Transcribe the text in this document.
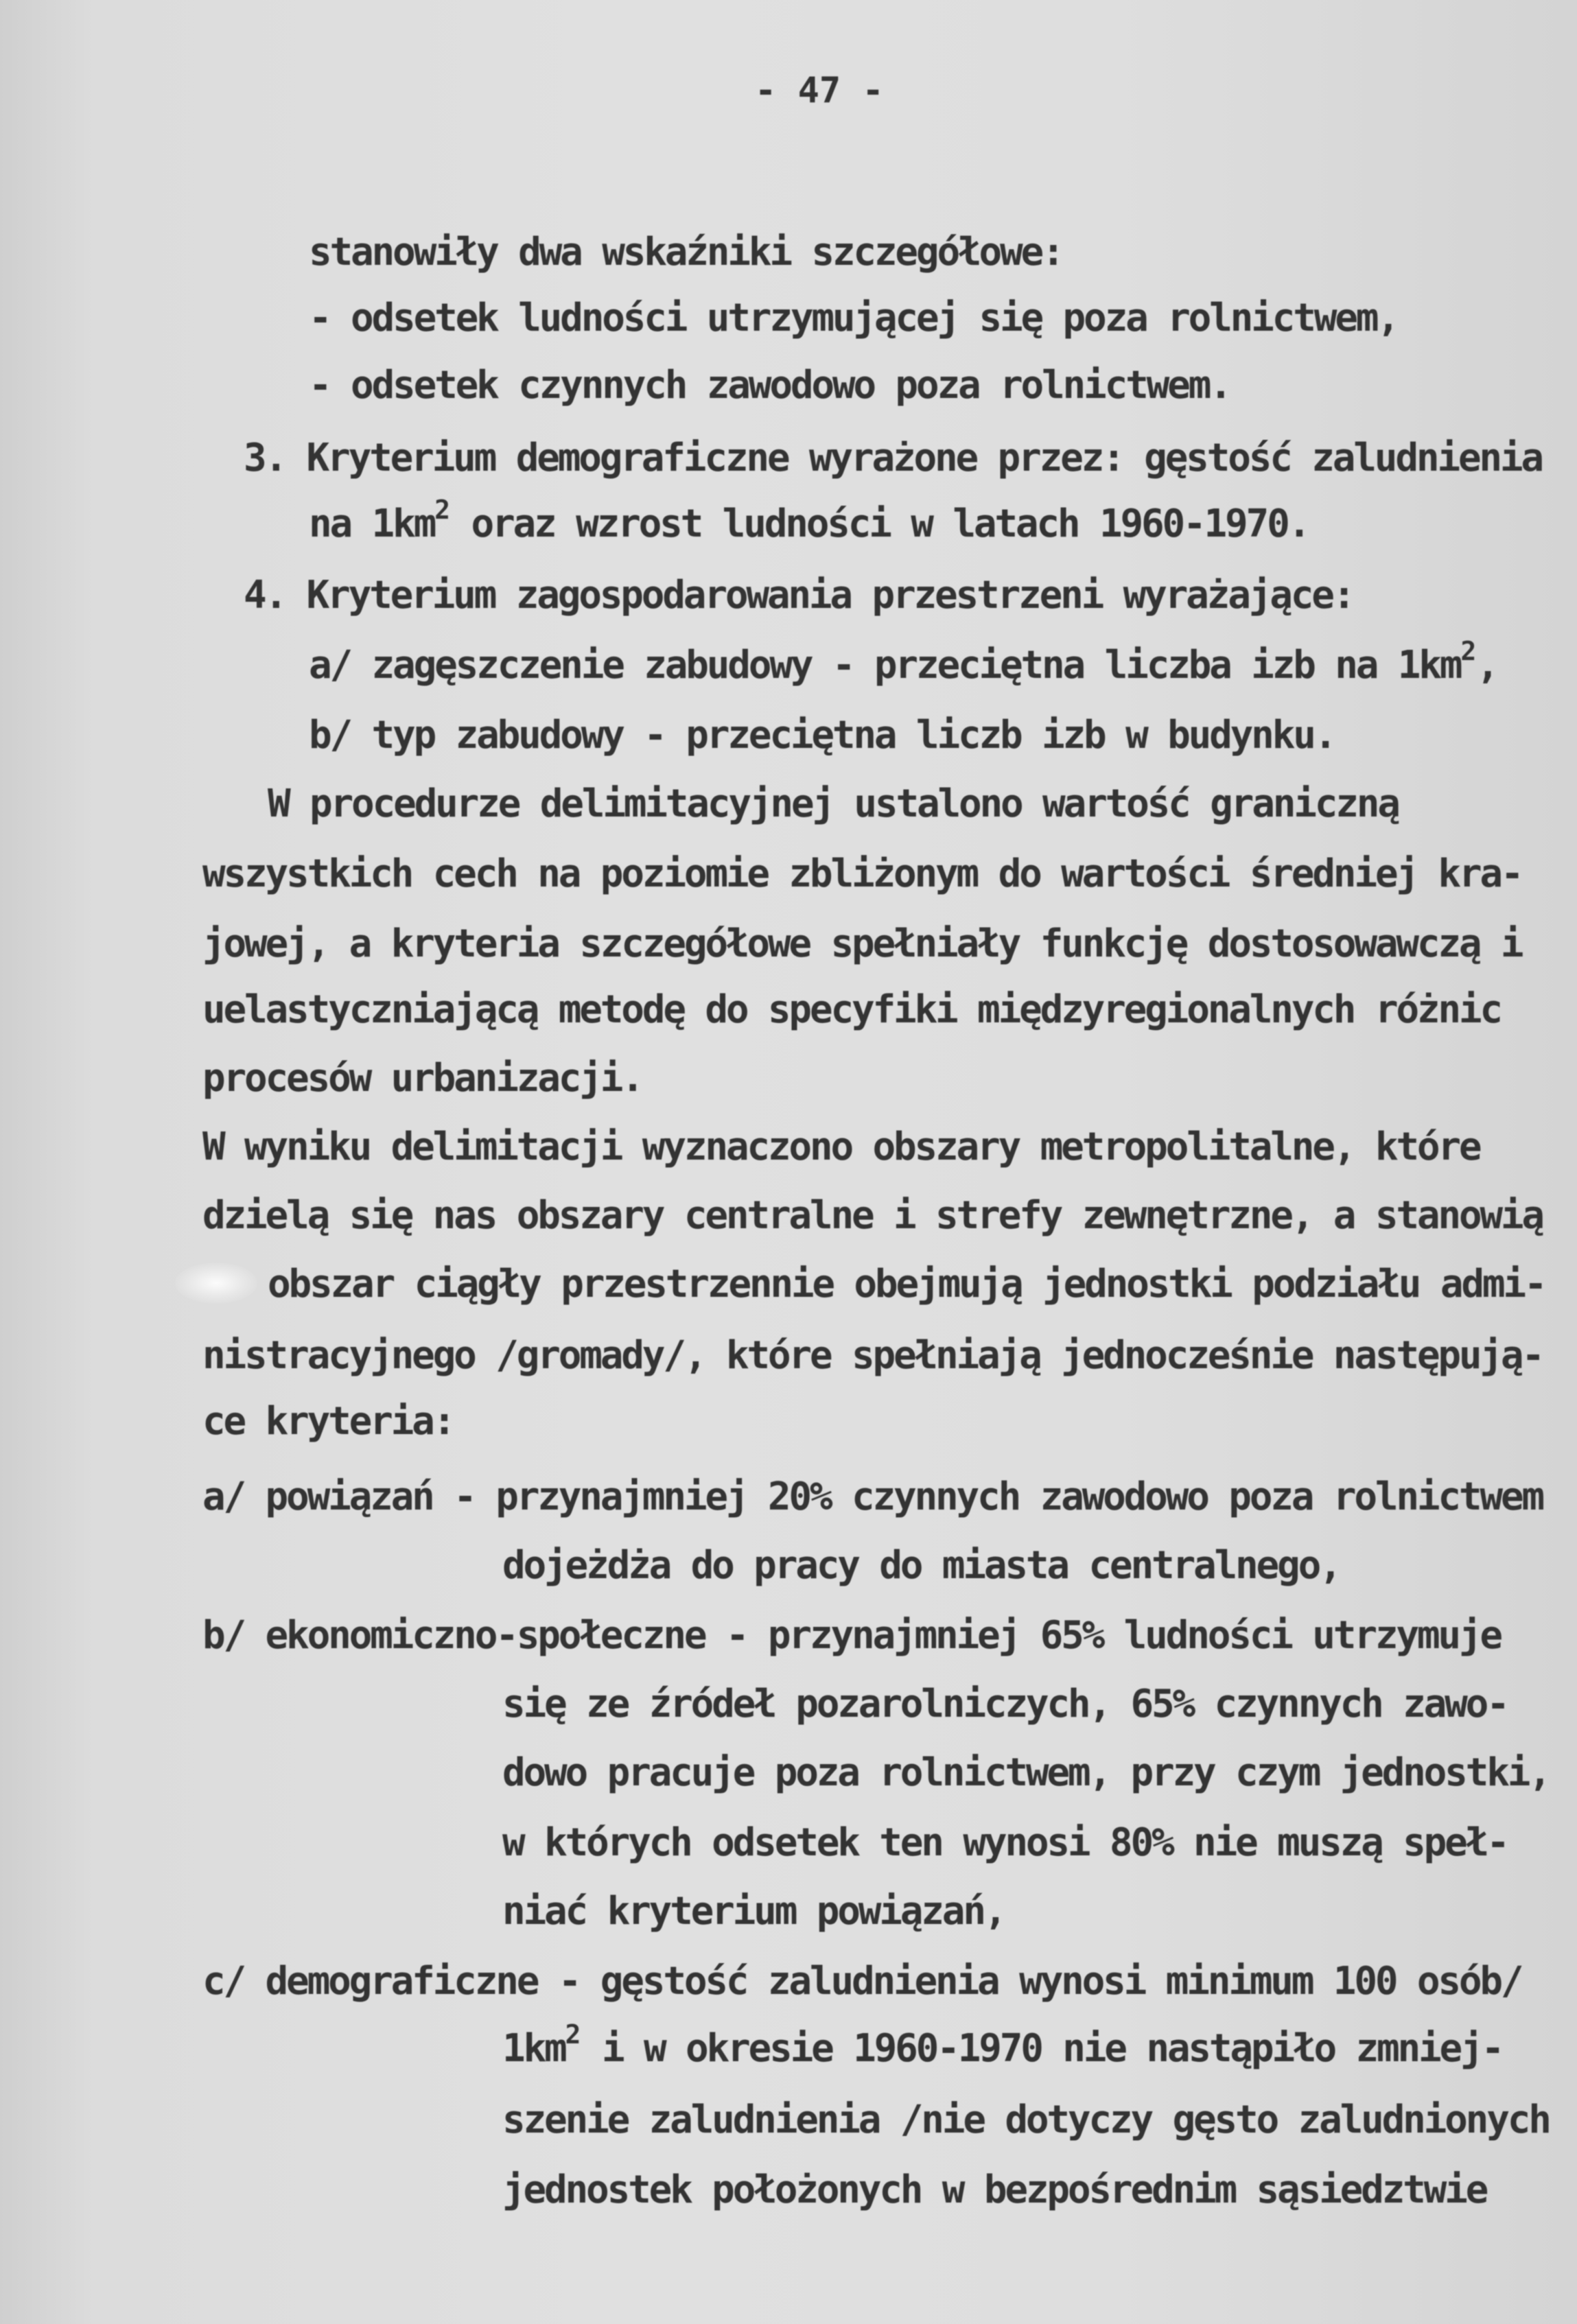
- 47 -
stanowiły dwa wskaźniki szczegółowe:
- odsetek ludności utrzymującej się poza rolnictwem,
- odsetek czynnych zawodowo poza rolnictwem.
3. Kryterium demograficzne wyrażone przez: gęstość zaludnienia
na $1km^2$ oraz wzrost ludności w latach 1960-1970.
4. Kryterium zagospodarowania przestrzeni wyrażające:
a/ zagęszczenie zabudowy - przeciętna liczba izb na $1km^2$,
b/ typ zabudowy - przeciętna liczb izb w budynku.
W procedurze delimitacyjnej ustalono wartość graniczną
wszystkich cech na poziomie zbliżonym do wartości średniej kra-
jowej, a kryteria szczegółowe spełniały funkcję dostosowawczą i
uelastyczniającą metodę do specyfiki międzyregionalnych różnic
procesów urbanizacji.
W wyniku delimitacji wyznaczono obszary metropolitalne, które
dzielą się nas obszary centralne i strefy zewnętrzne, a stanowią
obszar ciągły przestrzennie obejmują jednostki podziału admi-
nistracyjnego /gromady/, które spełniają jednocześnie następują-
ce kryteria:
a/ powiązań - przynajmniej 20% czynnych zawodowo poza rolnictwem
dojeżdża do pracy do miasta centralnego,
b/ ekonomiczno-społeczne - przynajmniej 65% ludności utrzymuje
się ze źródeł pozarolniczych, 65% czynnych zawo-
dowo pracuje poza rolnictwem, przy czym jednostki,
w których odsetek ten wynosi 80% nie muszą speł-
niać kryterium powiązań,
c/ demograficzne - gęstość zaludnienia wynosi minimum 100 osób/
$1km^2$ i w okresie 1960-1970 nie nastąpiło zmniej-
szenie zaludnienia /nie dotyczy gęsto zaludnionych
jednostek położonych w bezpośrednim sąsiedztwie
